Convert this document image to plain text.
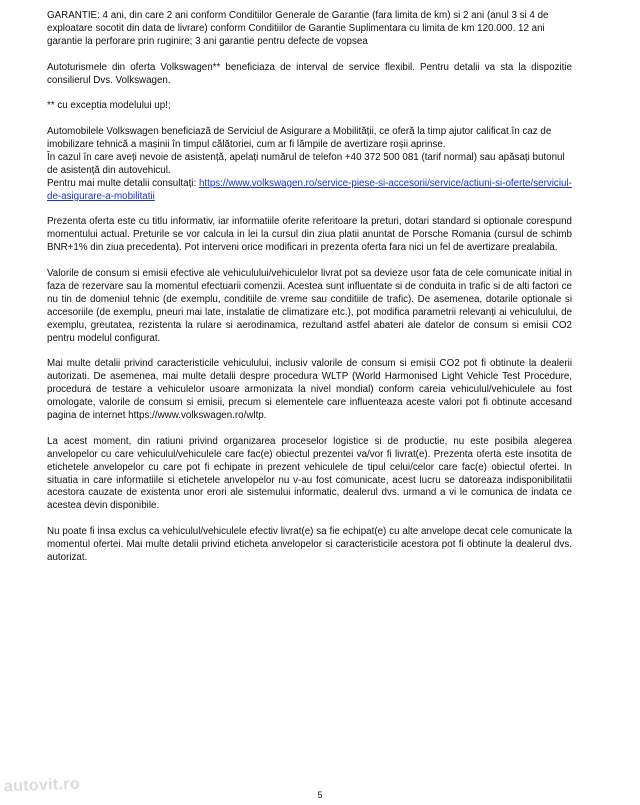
GARANTIE: 4 ani, din care 2 ani conform Conditiilor Generale de Garantie (fara limita de km) si 2 ani (anul 3 si 4 de exploatare socotit din data de livrare) conform Conditiilor de Garantie Suplimentara cu limita de km 120.000. 12 ani garantie la perforare prin ruginire; 3 ani garantie pentru defecte de vopsea

Autoturismele din oferta Volkswagen** beneficiaza de interval de service flexibil. Pentru detalii va sta la dispozitie consilierul Dvs. Volkswagen.

** cu exceptia modelului up!;

Automobilele Volkswagen beneficiază de Serviciul de Asigurare a Mobilității, ce oferă la timp ajutor calificat în caz de imobilizare tehnică a mașinii în timpul călătoriei, cum ar fi lămpile de avertizare roșii aprinse.
În cazul în care aveți nevoie de asistență, apelați numărul de telefon +40 372 500 081 (tarif normal) sau apăsați butonul de asistență din autovehicul.
Pentru mai multe detalii consultați: https://www.volkswagen.ro/service-piese-si-accesorii/service/actiuni-si-oferte/serviciul-de-asigurare-a-mobilitatii

Prezenta oferta este cu titlu informativ, iar informatiile oferite referitoare la preturi, dotari standard si optionale corespund momentului actual. Preturile se vor calcula in lei la cursul din ziua platii anuntat de Porsche Romania (cursul de schimb BNR+1% din ziua precedenta). Pot interveni orice modificari in prezenta oferta fara nici un fel de avertizare prealabila.

Valorile de consum si emisii efective ale vehiculului/vehiculelor livrat pot sa devieze usor fata de cele comunicate initial in faza de rezervare sau la momentul efectuarii comenzii. Acestea sunt influentate si de conduita in trafic si de alti factori ce nu tin de domeniul tehnic (de exemplu, conditiile de vreme sau conditiile de trafic). De asemenea, dotarile optionale si accesoriile (de exemplu, pneuri mai late, instalatie de climatizare etc.), pot modifica parametrii relevanți ai vehiculului, de exemplu, greutatea, rezistenta la rulare si aerodinamica, rezultand astfel abateri ale datelor de consum si emisii CO2 pentru modelul configurat.

Mai multe detalii privind caracteristicile vehiculului, inclusiv valorile de consum si emisii CO2 pot fi obtinute la dealerii autorizati. De asemenea, mai multe detalii despre procedura WLTP (World Harmonised Light Vehicle Test Procedure, procedura de testare a vehiculelor usoare armonizata la nivel mondial) conform careia vehiculul/vehiculele au fost omologate, valorile de consum si emisii, precum si elementele care influenteaza aceste valori pot fi obtinute accesand pagina de internet https://www.volkswagen.ro/wltp.

La acest moment, din ratiuni privind organizarea proceselor logistice si de productie, nu este posibila alegerea anvelopelor cu care vehiculul/vehiculele care fac(e) obiectul prezentei va/vor fi livrat(e). Prezenta oferta este insotita de etichetele anvelopelor cu care pot fi echipate in prezent vehiculele de tipul celui/celor care fac(e) obiectul ofertei. In situatia in care informatiile si etichetele anvelopelor nu v-au fost comunicate, acest lucru se datoreaza indisponibilitatii acestora cauzate de existenta unor erori ale sistemului informatic, dealerul dvs. urmand a vi le comunica de indata ce acestea devin disponibile.

Nu poate fi insa exclus ca vehiculul/vehiculele efectiv livrat(e) sa fie echipat(e) cu alte anvelope decat cele comunicate la momentul ofertei. Mai multe detalii privind eticheta anvelopelor si caracteristicile acestora pot fi obtinute la dealerul dvs. autorizat.

autovit.ro	5
